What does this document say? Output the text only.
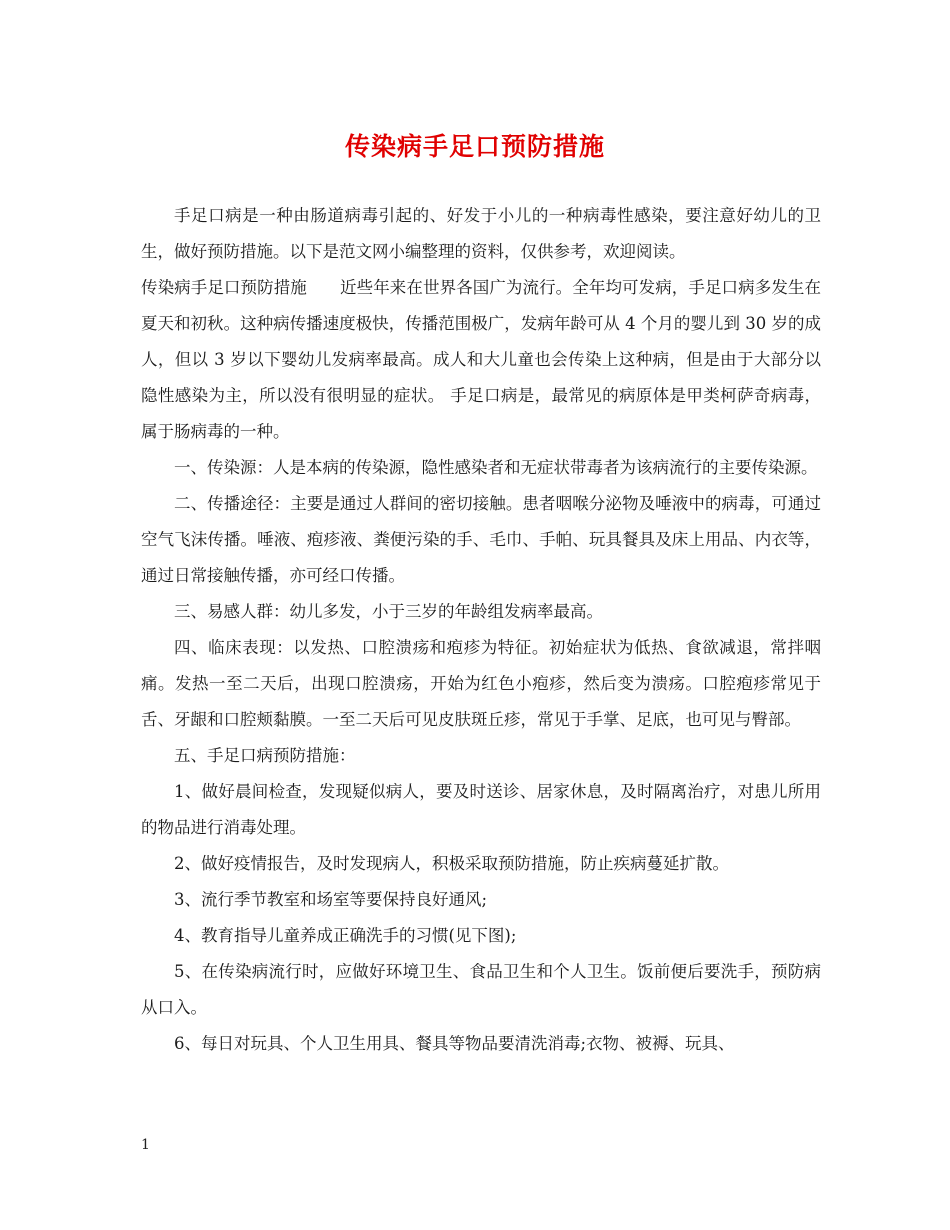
传染病手足口预防措施

手足口病是一种由肠道病毒引起的、好发于小儿的一种病毒性感染，要注意好幼儿的卫生，做好预防措施。以下是范文网小编整理的资料，仅供参考，欢迎阅读。

传染病手足口预防措施　　近些年来在世界各国广为流行。全年均可发病，手足口病多发生在夏天和初秋。这种病传播速度极快，传播范围极广，发病年龄可从 4 个月的婴儿到 30 岁的成人，但以 3 岁以下婴幼儿发病率最高。成人和大儿童也会传染上这种病，但是由于大部分以隐性感染为主，所以没有很明显的症状。 手足口病是，最常见的病原体是甲类柯萨奇病毒，属于肠病毒的一种。

一、传染源：人是本病的传染源，隐性感染者和无症状带毒者为该病流行的主要传染源。

二、传播途径：主要是通过人群间的密切接触。患者咽喉分泌物及唾液中的病毒，可通过空气飞沫传播。唾液、疱疹液、粪便污染的手、毛巾、手帕、玩具餐具及床上用品、内衣等，通过日常接触传播，亦可经口传播。

三、易感人群：幼儿多发，小于三岁的年龄组发病率最高。

四、临床表现：以发热、口腔溃疡和疱疹为特征。初始症状为低热、食欲减退，常拌咽痛。发热一至二天后，出现口腔溃疡，开始为红色小疱疹，然后变为溃疡。口腔疱疹常见于舌、牙龈和口腔颊黏膜。一至二天后可见皮肤斑丘疹，常见于手掌、足底，也可见与臀部。

五、手足口病预防措施：

1、做好晨间检查，发现疑似病人，要及时送诊、居家休息，及时隔离治疗，对患儿所用的物品进行消毒处理。

2、做好疫情报告，及时发现病人，积极采取预防措施，防止疾病蔓延扩散。

3、流行季节教室和场室等要保持良好通风;

4、教育指导儿童养成正确洗手的习惯(见下图);

5、在传染病流行时，应做好环境卫生、食品卫生和个人卫生。饭前便后要洗手，预防病从口入。

6、每日对玩具、个人卫生用具、餐具等物品要清洗消毒;衣物、被褥、玩具、

1
